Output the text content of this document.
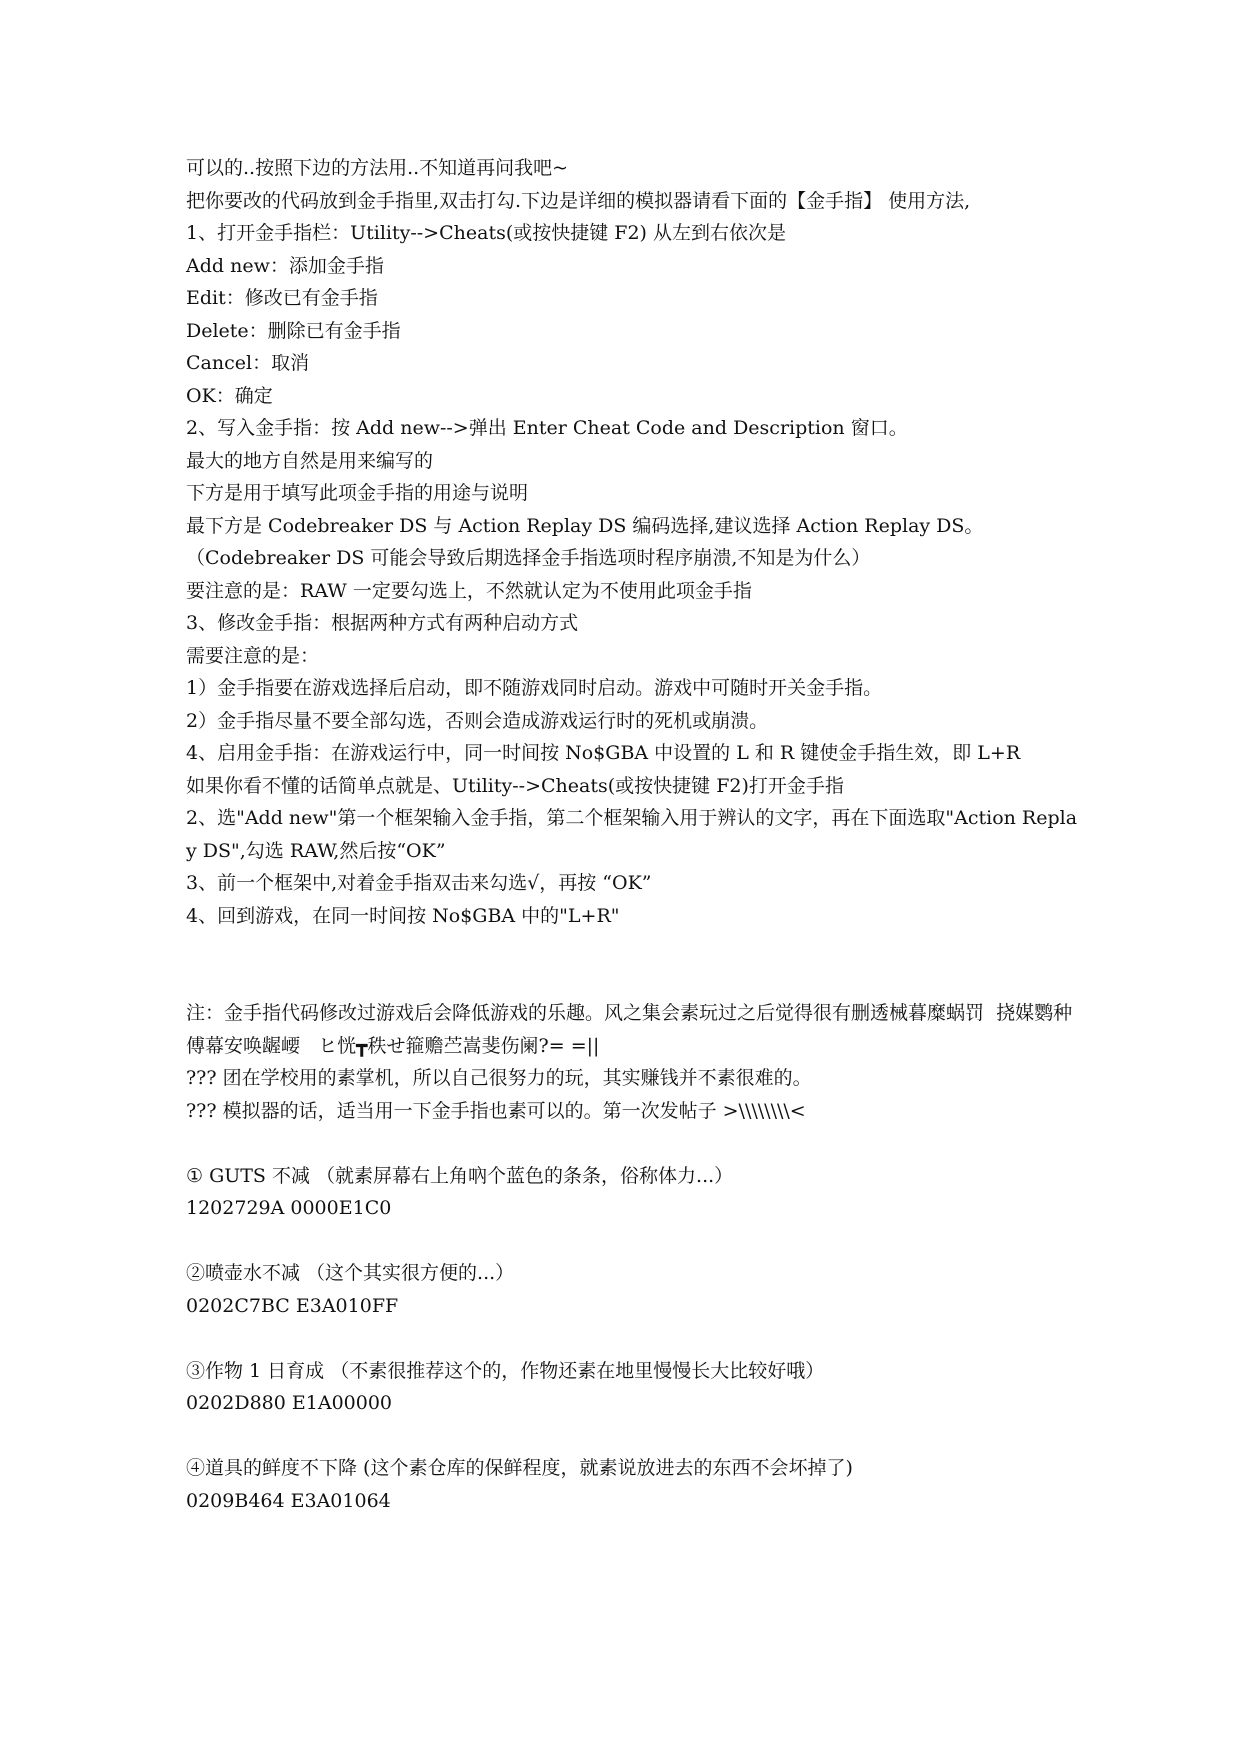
可以的..按照下边的方法用..不知道再问我吧~

把你要改的代码放到金手指里,双击打勾.下边是详细的模拟器请看下面的【金手指】 使用方法,

1、打开金手指栏：Utility-->Cheats(或按快捷键 F2) 从左到右依次是

Add new：添加金手指

Edit：修改已有金手指

Delete：删除已有金手指

Cancel：取消

OK：确定

2、写入金手指：按 Add new-->弹出 Enter Cheat Code and Description 窗口。

最大的地方自然是用来编写的

下方是用于填写此项金手指的用途与说明

最下方是 Codebreaker DS 与 Action Replay DS 编码选择,建议选择 Action Replay DS。

（Codebreaker DS 可能会导致后期选择金手指选项时程序崩溃,不知是为什么）

要注意的是：RAW 一定要勾选上，不然就认定为不使用此项金手指

3、修改金手指：根据两种方式有两种启动方式

需要注意的是：

1）金手指要在游戏选择后启动，即不随游戏同时启动。游戏中可随时开关金手指。

2）金手指尽量不要全部勾选，否则会造成游戏运行时的死机或崩溃。

4、启用金手指：在游戏运行中，同一时间按 No$GBA 中设置的 L 和 R 键使金手指生效，即 L+R

如果你看不懂的话简单点就是、Utility-->Cheats(或按快捷键 F2)打开金手指

2、选"Add new"第一个框架输入金手指，第二个框架输入用于辨认的文字，再在下面选取"Action Replay DS",勾选 RAW,然后按“OK”

3、前一个框架中,对着金手指双击来勾选√，再按 “OK”

4、回到游戏，在同一时间按 No$GBA 中的"L+R"

注：金手指代码修改过游戏后会降低游戏的乐趣。风之集会素玩过之后觉得很有删透械暮糜蜗罚  挠媒鹦种傅幕安唤龌崾   ヒ恍┳秩せ箍赡苎嵩斐伤阑?= =||

??? 团在学校用的素掌机，所以自己很努力的玩，其实赚钱并不素很难的。

??? 模拟器的话，适当用一下金手指也素可以的。第一次发帖子 >\\\\\\\\<

① GUTS 不减 （就素屏幕右上角吶个蓝色的条条，俗称体力...）

1202729A 0000E1C0

②喷壶水不减 （这个其实很方便的...）

0202C7BC E3A010FF

③作物 1 日育成 （不素很推荐这个的，作物还素在地里慢慢长大比较好哦）

0202D880 E1A00000

④道具的鲜度不下降 (这个素仓库的保鲜程度，就素说放进去的东西不会坏掉了)

0209B464 E3A01064
